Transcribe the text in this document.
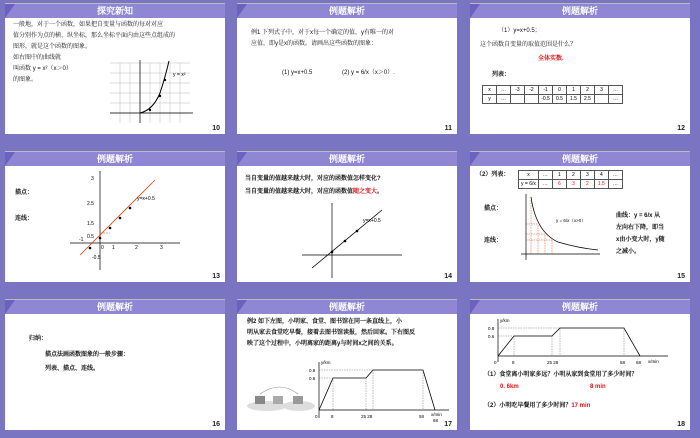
探究新知
一般地，对于一个函数，如果把自变量与函数的每对对应
值分别作为点的横、纵坐标，那么坐标平面内由这些点组成的
图形，就是这个函数的图象。
如右图中的曲线就
叫函数 y = x²（x＞0）
的图象。
y = x²
10
例题解析
例1 下列式子中，对于x每一个确定的值，y有唯一的对
应值，即y是x的函数。请画出这些函数的图象：
(1) y=x+0.5	(2) y = 6/x（x＞0）.
11
例题解析
（1）y=x+0.5；
这个函数自变量的取值范围是什么？
全体实数.
列表：
x	…	-3	-2	-1	0	1	2	3	…
y	…			-0.5	0.5	1.5	2.5		…
12
例题解析
描点：
连线：
3
2.5
1.5
0.5
-1
0 1	2	3
-0.5
y=x+0.5
13
例题解析
当自变量的值越来越大时，对应的函数值怎样变化?
当自变量的值越来越大时，对应的函数值随之变大。
y=x+0.5
14
例题解析
（2）列表：	x	…	1	2	3	4	…
y = 6/x	…	6	3	2	1.5	…
描点：
连线：
y = 6/x（x>0）
曲线：y = 6/x 从
左向右下降，即当
x由小变大时，y随
之减小。
15
例题解析
归纳：
描点法画函数图象的一般步骤：
列表、描点、连线。
16
例题解析
例2 如下左图，小明家、食堂、图书馆在同一条直线上，小
明从家去食堂吃早餐，接着去图书馆读报，然后回家。下右图反
映了这个过程中，小明离家的距离y与时间x之间的关系。
y/km
x/min
0.8
0.6
0	8	25 28	58
68
17
例题解析
y/km
x/min
0.8
0.6
0	8	25 28	58 68
（1）食堂离小明家多远？小明从家到食堂用了多少时间？
0. 6km	8 min
（2）小明吃早餐用了多少时间？17 min
18
